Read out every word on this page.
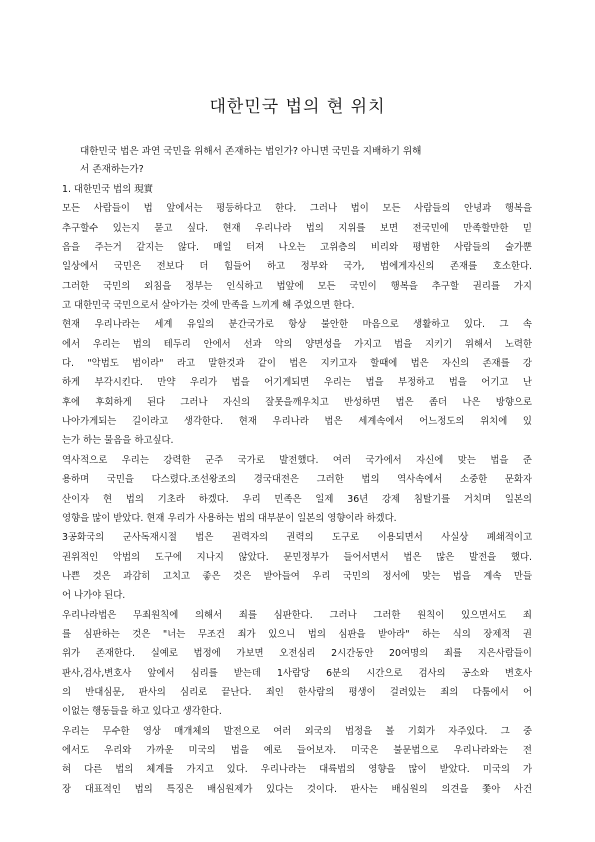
대한민국 법의 현 위치
대한민국 법은 과연 국민을 위해서 존재하는 법인가? 아니면 국민을 지배하기 위해
서 존재하는가?
1. 대한민국 법의 現實
모든 사람들이 법 앞에서는 평등하다고 한다. 그러나 법이 모든 사람들의 안녕과 행복을
추구할수 있는지 묻고 싶다. 현재 우리나라 법의 지위를 보면 전국민에 만족할만한 믿
음을 주는거 같지는 않다. 매일 터져 나오는 고위층의 비리와 평범한 사람들의 술가뿐
일상에서 국민은 전보다 더 힘들어 하고 정부와 국가, 법에게자신의 존재를 호소한다.
그러한 국민의 외침을 정부는 인식하고 법앞에 모든 국민이 행복을 추구할 권리를 가지
고 대한민국 국민으로서 살아가는 것에 만족을 느끼게 해 주었으면 한다.
현재 우리나라는 세계 유일의 분간국가로 항상 불안한 마음으로 생활하고 있다. 그 속
에서 우리는 법의 테두리 안에서 선과 악의 양면성을 가지고 법을 지키기 위해서 노력한
다. "악법도 법이라" 라고 말한것과 같이 법은 지키고자 할때에 법은 자신의 존재를 강
하게 부각시킨다. 만약 우리가 법을 어기게되면 우리는 법을 부정하고 법을 어기고 난
후에 후회하게 된다 그러나 자신의 잘못을깨우치고 반성하면 법은 좀더 나은 방향으로
나아가게되는 길이라고 생각한다. 현재 우리나라 법은 세계속에서 어느정도의 위치에 있
는가 하는 물음을 하고싶다.
역사적으로 우리는 강력한 군주 국가로 발전했다. 여러 국가에서 자신에 맞는 법을 준
용하며 국민을 다스렸다.조선왕조의 경국대전은 그러한 법의 역사속에서 소중한 문화자
산이자 현 법의 기초라 하겠다. 우리 민족은 일제 36년 강제 침탈기를 거치며 일본의
영향을 많이 받았다. 현재 우리가 사용하는 법의 대부분이 일본의 영향이라 하겠다.
3공화국의 군사독재시절 법은 권력자의 권력의 도구로 이용되면서 사실상 폐쇄적이고
권위적인 악법의 도구에 지나지 않았다. 문민정부가 들어서면서 법은 많은 발전을 했다.
나쁜 것은 과감히 고치고 좋은 것은 받아들여 우리 국민의 정서에 맞는 법을 계속 만들
어 나가야 된다.
우리나라법은 무죄원칙에 의해서 죄를 심판한다. 그러나 그러한 원칙이 있으면서도 죄
를 심판하는 것은 "너는 무조건 죄가 있으니 법의 심판을 받아라" 하는 식의 장제적 권
위가 존재한다. 실예로 법정에 가보면 오전심리 2시간동안 20여명의 죄를 지은사람들이
판사,검사,변호사 앞에서 심리를 받는데 1사람당 6분의 시간으로 검사의 공소와 변호사
의 반대심문, 판사의 심리로 끝난다. 죄인 한사람의 평생이 걸려있는 죄의 다툼에서 어
이없는 행동들을 하고 있다고 생각한다.
우리는 무수한 영상 매개체의 발전으로 여러 외국의 법정을 볼 기회가 자주있다. 그 중
에서도 우리와 가까운 미국의 법을 예로 들어보자. 미국은 불문법으로 우리나라와는 전
혀 다른 법의 체계를 가지고 있다. 우리나라는 대륙법의 영향을 많이 받았다. 미국의 가
장 대표적인 법의 특징은 배심원제가 있다는 것이다. 판사는 배심원의 의견을 쫓아 사건
